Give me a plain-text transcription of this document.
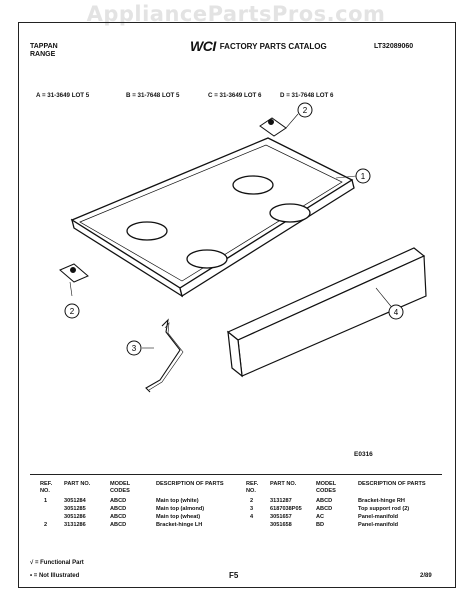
AppliancePartsPros.com
TAPPAN
RANGE
WCI FACTORY PARTS CATALOG	LT32089060
A = 31-3649 LOT 5	B = 31-7648 LOT 5	C = 31-3649 LOT 6	D = 31-7648 LOT 6
1
2
2
3
4
E0316
REF. NO.
PART NO.	MODEL CODES
DESCRIPTION OF PARTS
1	3051284	ABCD	Main top (white)
3051285	ABCD	Main top (almond)
3051286	ABCD	Main top (wheat)
2	3131286	ABCD	Bracket-hinge LH
REF. NO.
PART NO.	MODEL CODES
DESCRIPTION OF PARTS
2	3131287	ABCD	Bracket-hinge RH
3	6187038P05	ABCD	Top support rod (2)
4	3051657	AC	Panel-manifold
3051658	BD	Panel-manifold
√ = Functional Part
• = Not Illustrated	F5	2/89
